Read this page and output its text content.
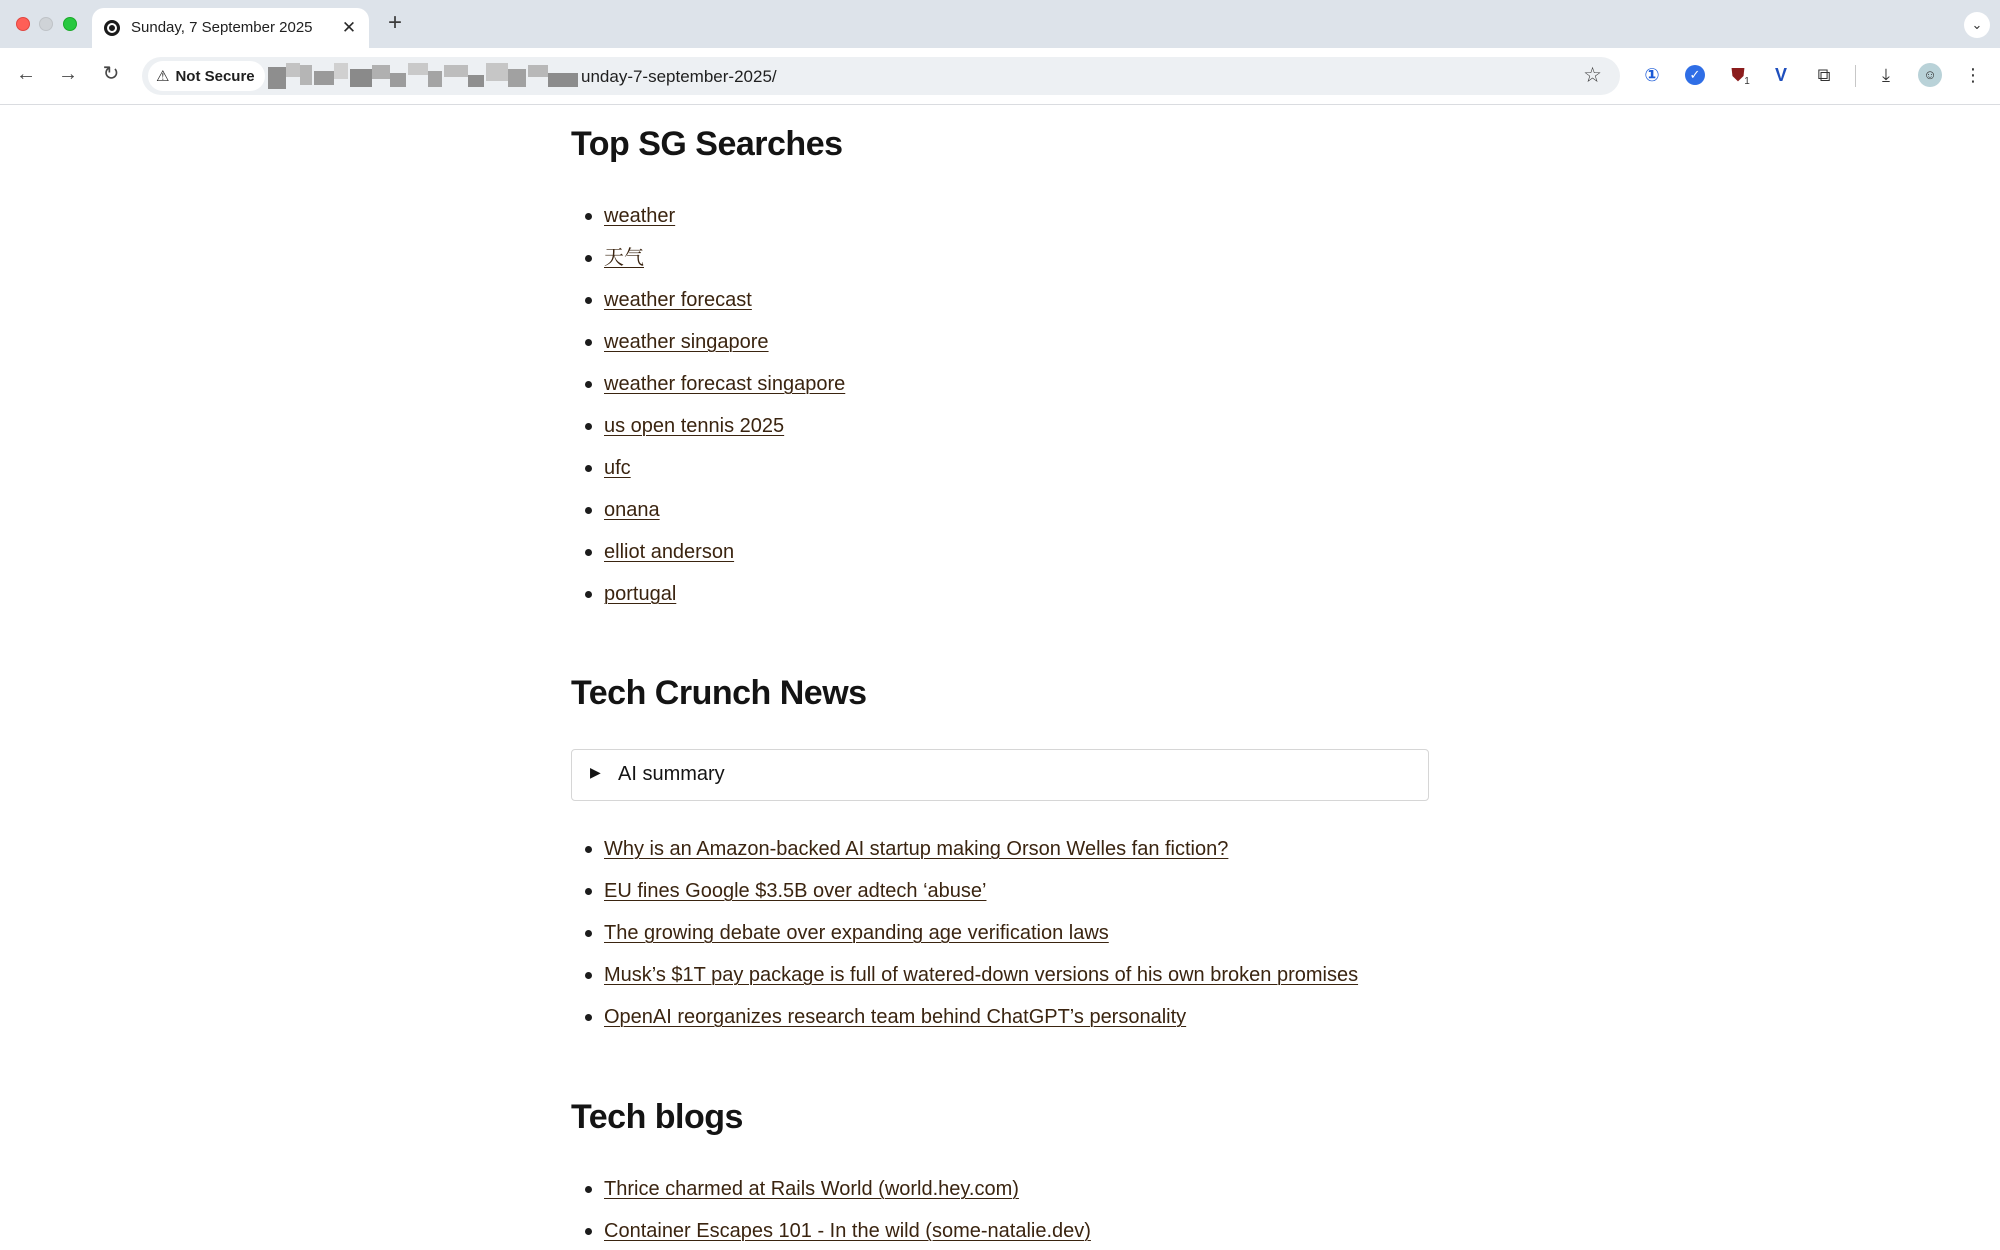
Sunday, 7 September 2025 ✕ +	⌄
← → ↻	⚠ Not Secure	unday-7-september-2025/	☆ ①	✓ ⛊ 1	V	⧉	⤓	☺ ⋮
Top SG Searches
weather
天气
weather forecast
weather singapore
weather forecast singapore
us open tennis 2025
ufc
onana
elliot anderson
portugal
Tech Crunch News
▶ AI summary
Why is an Amazon-backed AI startup making Orson Welles fan fiction?
EU fines Google $3.5B over adtech ‘abuse’
The growing debate over expanding age verification laws
Musk’s $1T pay package is full of watered-down versions of his own broken promises
OpenAI reorganizes research team behind ChatGPT’s personality
Tech blogs
Thrice charmed at Rails World (world.hey.com)
Container Escapes 101 - In the wild (some-natalie.dev)
